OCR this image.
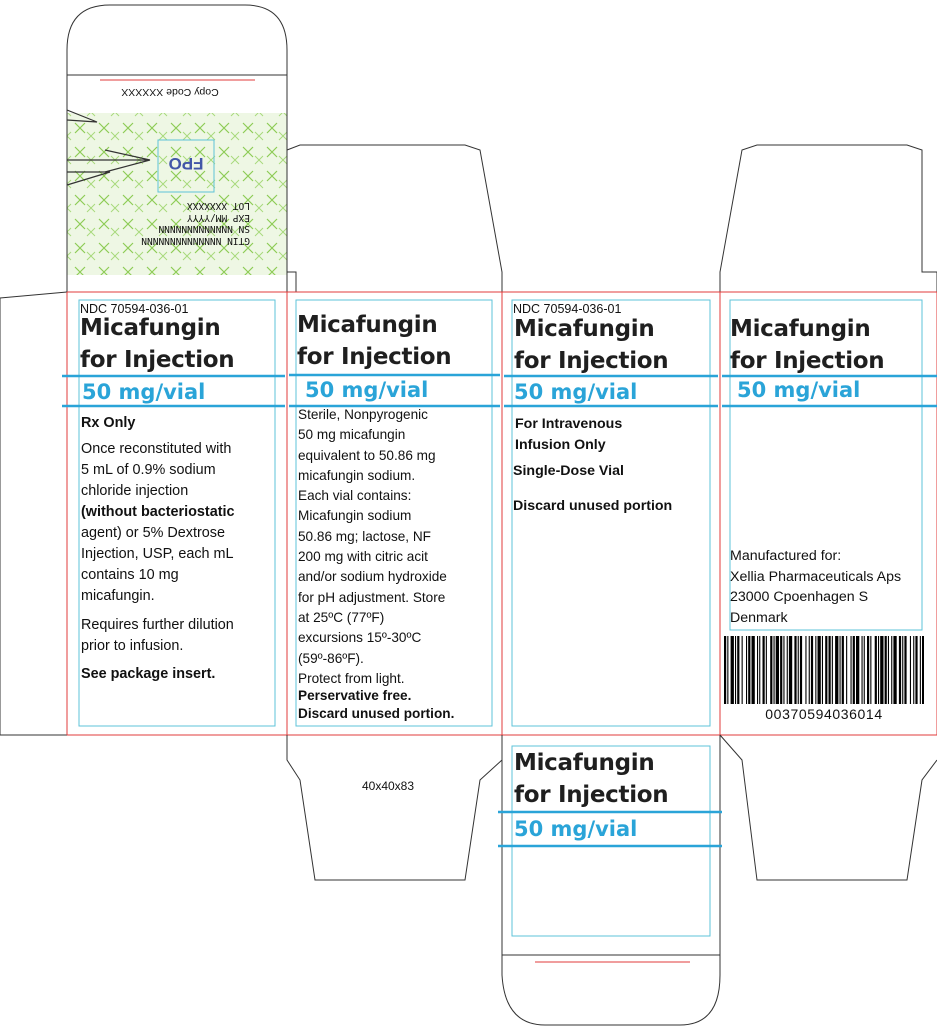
Copy Code XXXXXX
FPO
GTIN NNNNNNNNNNNNNN
SN NNNNNNNNNNNNN
EXP MM/YYYY
LOT XXXXXXX
NDC 70594-036-01
Micafungin
for Injection
50 mg/vial
Rx Only
Once reconstituted with
5 mL of 0.9% sodium
chloride injection
(without bacteriostatic
agent) or 5% Dextrose
Injection, USP, each mL
contains 10 mg
micafungin.
Requires further dilution
prior to infusion.
See package insert.
Micafungin
for Injection
50 mg/vial
Sterile, Nonpyrogenic
50 mg micafungin
equivalent to 50.86 mg
micafungin sodium.
Each vial contains:
Micafungin sodium
50.86 mg; lactose, NF
200 mg with citric acit
and/or sodium hydroxide
for pH adjustment. Store
at 25ºC (77ºF)
excursions 15º-30ºC
(59º-86ºF).
Protect from light.
Perservative free.
Discard unused portion.
40x40x83
NDC 70594-036-01
Micafungin
for Injection
50 mg/vial
For Intravenous
Infusion Only
Single-Dose Vial
Discard unused portion
Micafungin
for Injection
50 mg/vial
Manufactured for:
Xellia Pharmaceuticals Aps
23000 Cpoenhagen S
Denmark
00370594036014
Micafungin
for Injection
50 mg/vial
